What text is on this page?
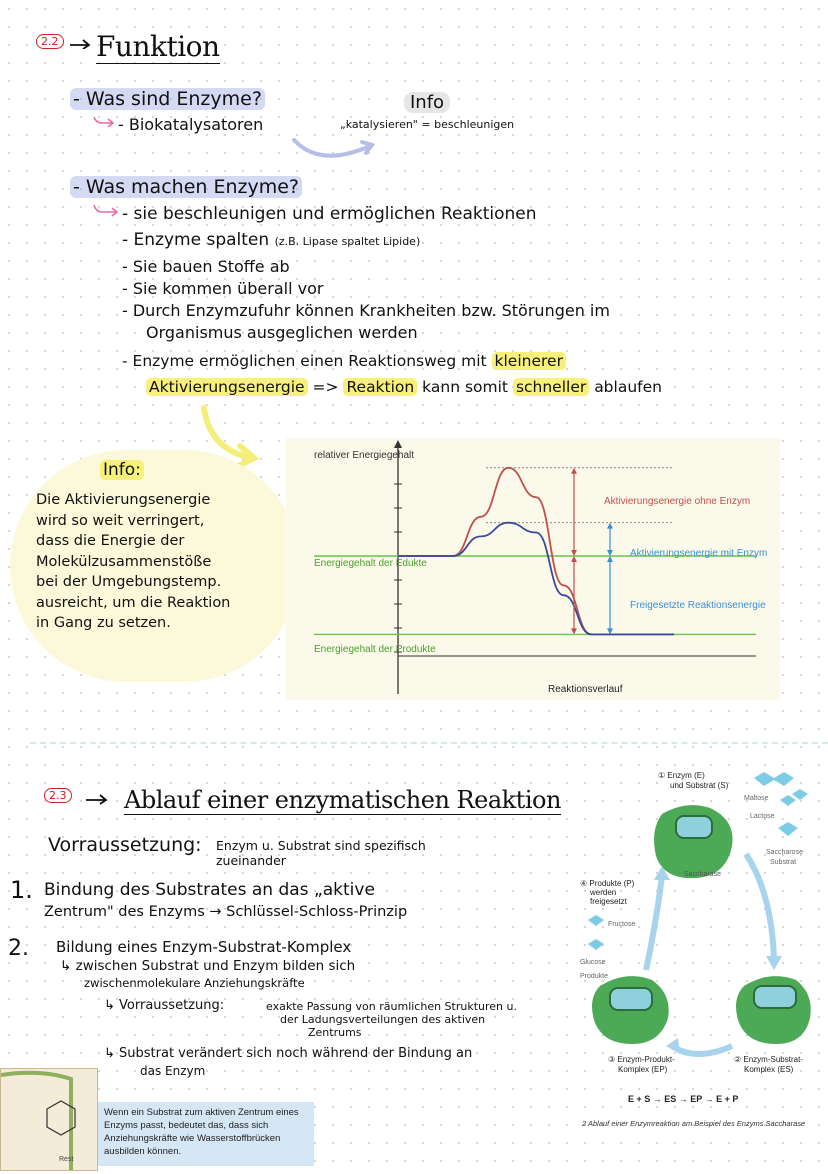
2.2 Funktion
- Was sind Enzyme?
- Biokatalysatoren
Info
„katalysieren" = beschleunigen
- Was machen Enzyme?
- sie beschleunigen und ermöglichen Reaktionen
- Enzyme spalten (z.B. Lipase spaltet Lipide)
- Sie bauen Stoffe ab
- Sie kommen überall vor
- Durch Enzymzufuhr können Krankheiten bzw. Störungen im
Organismus ausgeglichen werden
- Enzyme ermöglichen einen Reaktionsweg mit kleinerer
Aktivierungsenergie => Reaktion kann somit schneller ablaufen
Info:
Die Aktivierungsenergie
wird so weit verringert,
dass die Energie der
Molekülzusammenstöße
bei der Umgebungstemp.
ausreicht, um die Reaktion
in Gang zu setzen.
relativer Energiegehalt
Energiegehalt der Edukte
Energiegehalt der Produkte
Aktivierungsenergie ohne Enzym
Aktivierungsenergie mit Enzym
Freigesetzte Reaktionsenergie
Reaktionsverlauf
2.3 Ablauf einer enzymatischen Reaktion
Vorraussetzung: Enzym u. Substrat sind spezifisch
zueinander
1. Bindung des Substrates an das „aktive
Zentrum" des Enzyms → Schlüssel-Schloss-Prinzip
2. Bildung eines Enzym-Substrat-Komplex
↳ zwischen Substrat und Enzym bilden sich
zwischenmolekulare Anziehungskräfte
↳ Vorraussetzung:	exakte Passung von räumlichen Strukturen u.
der Ladungsverteilungen des aktiven
Zentrums
↳ Substrat verändert sich noch während der Bindung an
das Enzym
① Enzym (E)
und Substrat (S)
Maltose
Lactose
Saccharose
Substrat
Saccharase
④ Produkte (P)
werden
freigesetzt
Fructose
Glucose
Produkte
③ Enzym-Produkt-
Komplex (EP)
② Enzym-Substrat-
Komplex (ES)
E + S → ES → EP → E + P
2 Ablauf einer Enzymreaktion am Beispiel des Enzyms Saccharase
Rest
Wenn ein Substrat zum aktiven Zentrum eines Enzyms passt, bedeutet das, dass sich Anziehungskräfte wie Wasserstoffbrücken ausbilden können.
